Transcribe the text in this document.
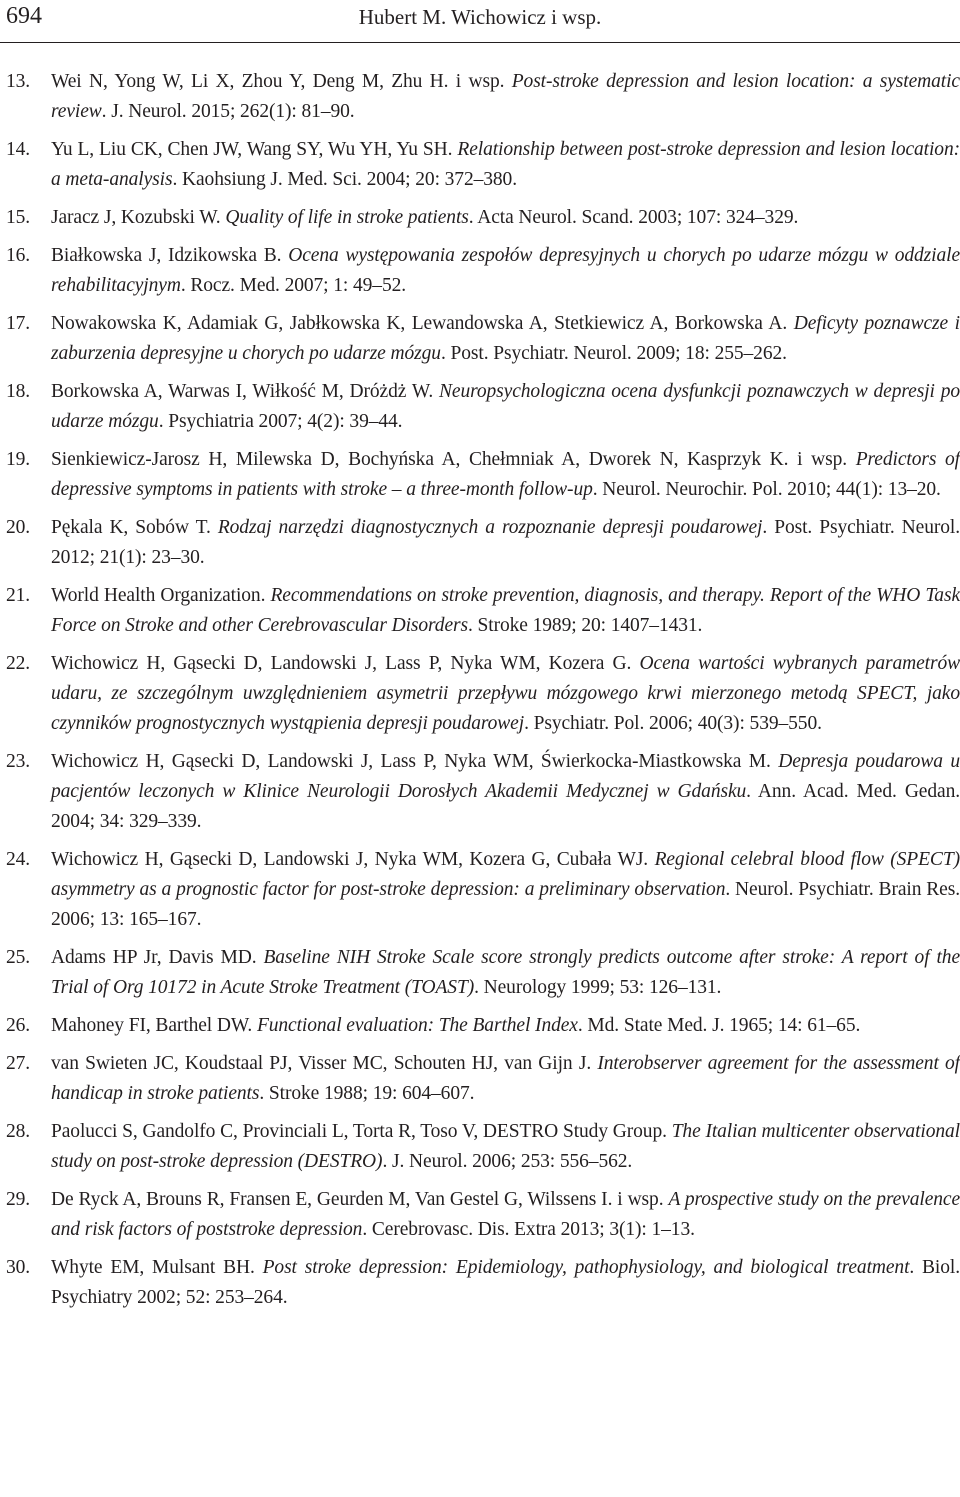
694	Hubert M. Wichowicz i wsp.
13.	Wei N, Yong W, Li X, Zhou Y, Deng M, Zhu H. i wsp. Post-stroke depression and lesion location: a systematic review. J. Neurol. 2015; 262(1): 81–90.
14.	Yu L, Liu CK, Chen JW, Wang SY, Wu YH, Yu SH. Relationship between post-stroke depression and lesion location: a meta-analysis. Kaohsiung J. Med. Sci. 2004; 20: 372–380.
15.	Jaracz J, Kozubski W. Quality of life in stroke patients. Acta Neurol. Scand. 2003; 107: 324–329.
16.	Białkowska J, Idzikowska B. Ocena występowania zespołów depresyjnych u chorych po udarze mózgu w oddziale rehabilitacyjnym. Rocz. Med. 2007; 1: 49–52.
17.	Nowakowska K, Adamiak G, Jabłkowska K, Lewandowska A, Stetkiewicz A, Borkowska A. Deficyty poznawcze i zaburzenia depresyjne u chorych po udarze mózgu. Post. Psychiatr. Neurol. 2009; 18: 255–262.
18.	Borkowska A, Warwas I, Wiłkość M, Dróżdż W. Neuropsychologiczna ocena dysfunkcji poznawczych w depresji po udarze mózgu. Psychiatria 2007; 4(2): 39–44.
19.	Sienkiewicz-Jarosz H, Milewska D, Bochyńska A, Chełmniak A, Dworek N, Kasprzyk K. i wsp. Predictors of depressive symptoms in patients with stroke – a three-month follow-up. Neurol. Neurochir. Pol. 2010; 44(1): 13–20.
20.	Pękala K, Sobów T. Rodzaj narzędzi diagnostycznych a rozpoznanie depresji poudarowej. Post. Psychiatr. Neurol. 2012; 21(1): 23–30.
21.	World Health Organization. Recommendations on stroke prevention, diagnosis, and therapy. Report of the WHO Task Force on Stroke and other Cerebrovascular Disorders. Stroke 1989; 20: 1407–1431.
22.	Wichowicz H, Gąsecki D, Landowski J, Lass P, Nyka WM, Kozera G. Ocena wartości wybranych parametrów udaru, ze szczególnym uwzględnieniem asymetrii przepływu mózgowego krwi mierzonego metodą SPECT, jako czynników prognostycznych wystąpienia depresji poudarowej. Psychiatr. Pol. 2006; 40(3): 539–550.
23.	Wichowicz H, Gąsecki D, Landowski J, Lass P, Nyka WM, Świerkocka-Miastkowska M. Depresja poudarowa u pacjentów leczonych w Klinice Neurologii Dorosłych Akademii Medycznej w Gdańsku. Ann. Acad. Med. Gedan. 2004; 34: 329–339.
24.	Wichowicz H, Gąsecki D, Landowski J, Nyka WM, Kozera G, Cubała WJ. Regional celebral blood flow (SPECT) asymmetry as a prognostic factor for post-stroke depression: a preliminary observation. Neurol. Psychiatr. Brain Res. 2006; 13: 165–167.
25.	Adams HP Jr, Davis MD. Baseline NIH Stroke Scale score strongly predicts outcome after stroke: A report of the Trial of Org 10172 in Acute Stroke Treatment (TOAST). Neurology 1999; 53: 126–131.
26.	Mahoney FI, Barthel DW. Functional evaluation: The Barthel Index. Md. State Med. J. 1965; 14: 61–65.
27.	van Swieten JC, Koudstaal PJ, Visser MC, Schouten HJ, van Gijn J. Interobserver agreement for the assessment of handicap in stroke patients. Stroke 1988; 19: 604–607.
28.	Paolucci S, Gandolfo C, Provinciali L, Torta R, Toso V, DESTRO Study Group. The Italian multicenter observational study on post-stroke depression (DESTRO). J. Neurol. 2006; 253: 556–562.
29.	De Ryck A, Brouns R, Fransen E, Geurden M, Van Gestel G, Wilssens I. i wsp. A prospective study on the prevalence and risk factors of poststroke depression. Cerebrovasc. Dis. Extra 2013; 3(1): 1–13.
30.	Whyte EM, Mulsant BH. Post stroke depression: Epidemiology, pathophysiology, and biological treatment. Biol. Psychiatry 2002; 52: 253–264.
